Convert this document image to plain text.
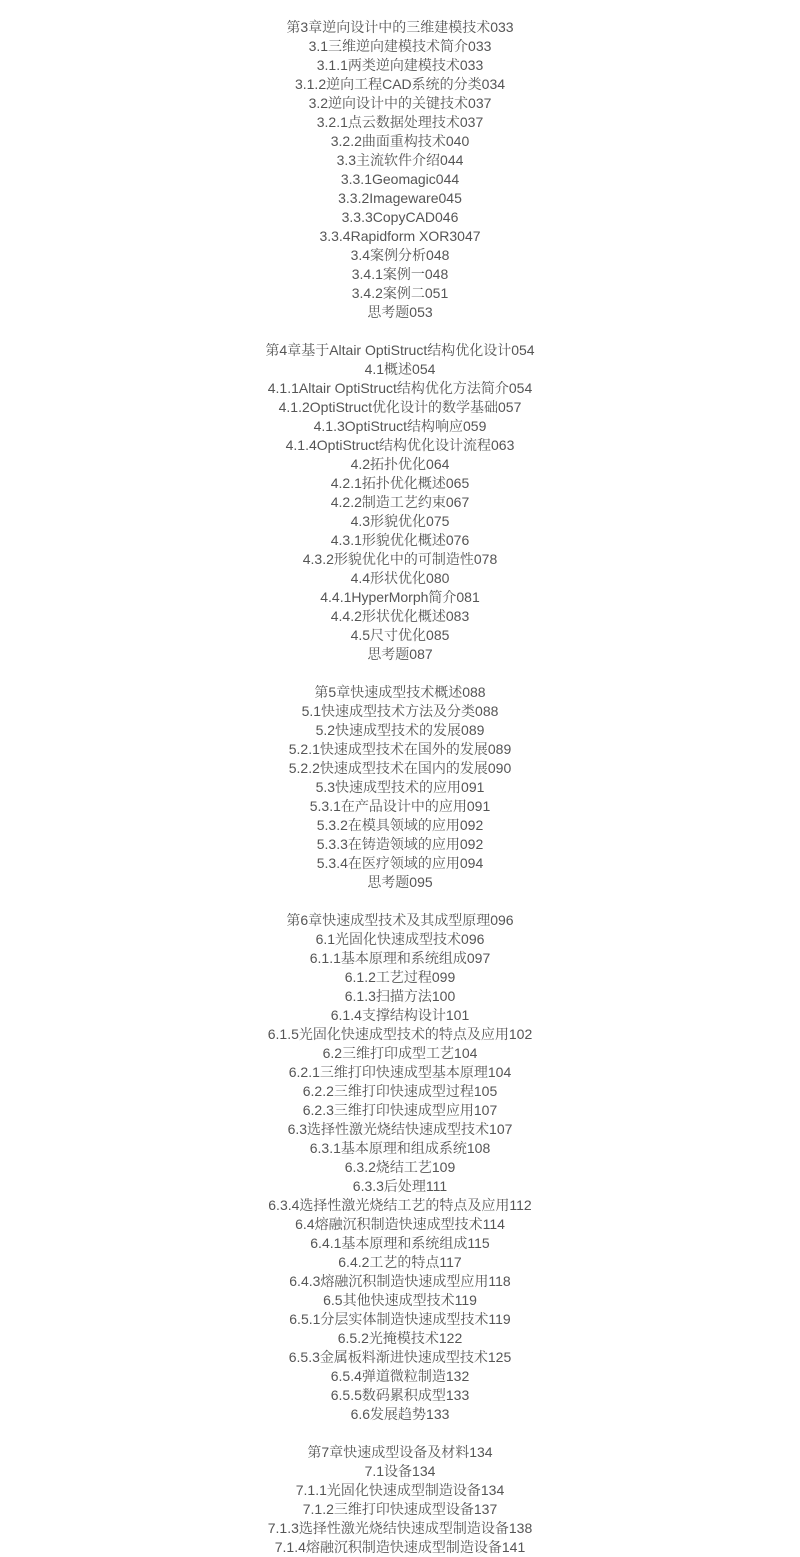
第3章逆向设计中的三维建模技术033
3.1三维逆向建模技术简介033
3.1.1两类逆向建模技术033
3.1.2逆向工程CAD系统的分类034
3.2逆向设计中的关键技术037
3.2.1点云数据处理技术037
3.2.2曲面重构技术040
3.3主流软件介绍044
3.3.1Geomagic044
3.3.2Imageware045
3.3.3CopyCAD046
3.3.4Rapidform XOR3047
3.4案例分析048
3.4.1案例一048
3.4.2案例二051
思考题053
第4章基于Altair OptiStruct结构优化设计054
4.1概述054
4.1.1Altair OptiStruct结构优化方法简介054
4.1.2OptiStruct优化设计的数学基础057
4.1.3OptiStruct结构响应059
4.1.4OptiStruct结构优化设计流程063
4.2拓扑优化064
4.2.1拓扑优化概述065
4.2.2制造工艺约束067
4.3形貌优化075
4.3.1形貌优化概述076
4.3.2形貌优化中的可制造性078
4.4形状优化080
4.4.1HyperMorph简介081
4.4.2形状优化概述083
4.5尺寸优化085
思考题087
第5章快速成型技术概述088
5.1快速成型技术方法及分类088
5.2快速成型技术的发展089
5.2.1快速成型技术在国外的发展089
5.2.2快速成型技术在国内的发展090
5.3快速成型技术的应用091
5.3.1在产品设计中的应用091
5.3.2在模具领域的应用092
5.3.3在铸造领域的应用092
5.3.4在医疗领域的应用094
思考题095
第6章快速成型技术及其成型原理096
6.1光固化快速成型技术096
6.1.1基本原理和系统组成097
6.1.2工艺过程099
6.1.3扫描方法100
6.1.4支撑结构设计101
6.1.5光固化快速成型技术的特点及应用102
6.2三维打印成型工艺104
6.2.1三维打印快速成型基本原理104
6.2.2三维打印快速成型过程105
6.2.3三维打印快速成型应用107
6.3选择性激光烧结快速成型技术107
6.3.1基本原理和组成系统108
6.3.2烧结工艺109
6.3.3后处理111
6.3.4选择性激光烧结工艺的特点及应用112
6.4熔融沉积制造快速成型技术114
6.4.1基本原理和系统组成115
6.4.2工艺的特点117
6.4.3熔融沉积制造快速成型应用118
6.5其他快速成型技术119
6.5.1分层实体制造快速成型技术119
6.5.2光掩模技术122
6.5.3金属板料渐进快速成型技术125
6.5.4弹道微粒制造132
6.5.5数码累积成型133
6.6发展趋势133
第7章快速成型设备及材料134
7.1设备134
7.1.1光固化快速成型制造设备134
7.1.2三维打印快速成型设备137
7.1.3选择性激光烧结快速成型制造设备138
7.1.4熔融沉积制造快速成型制造设备141
